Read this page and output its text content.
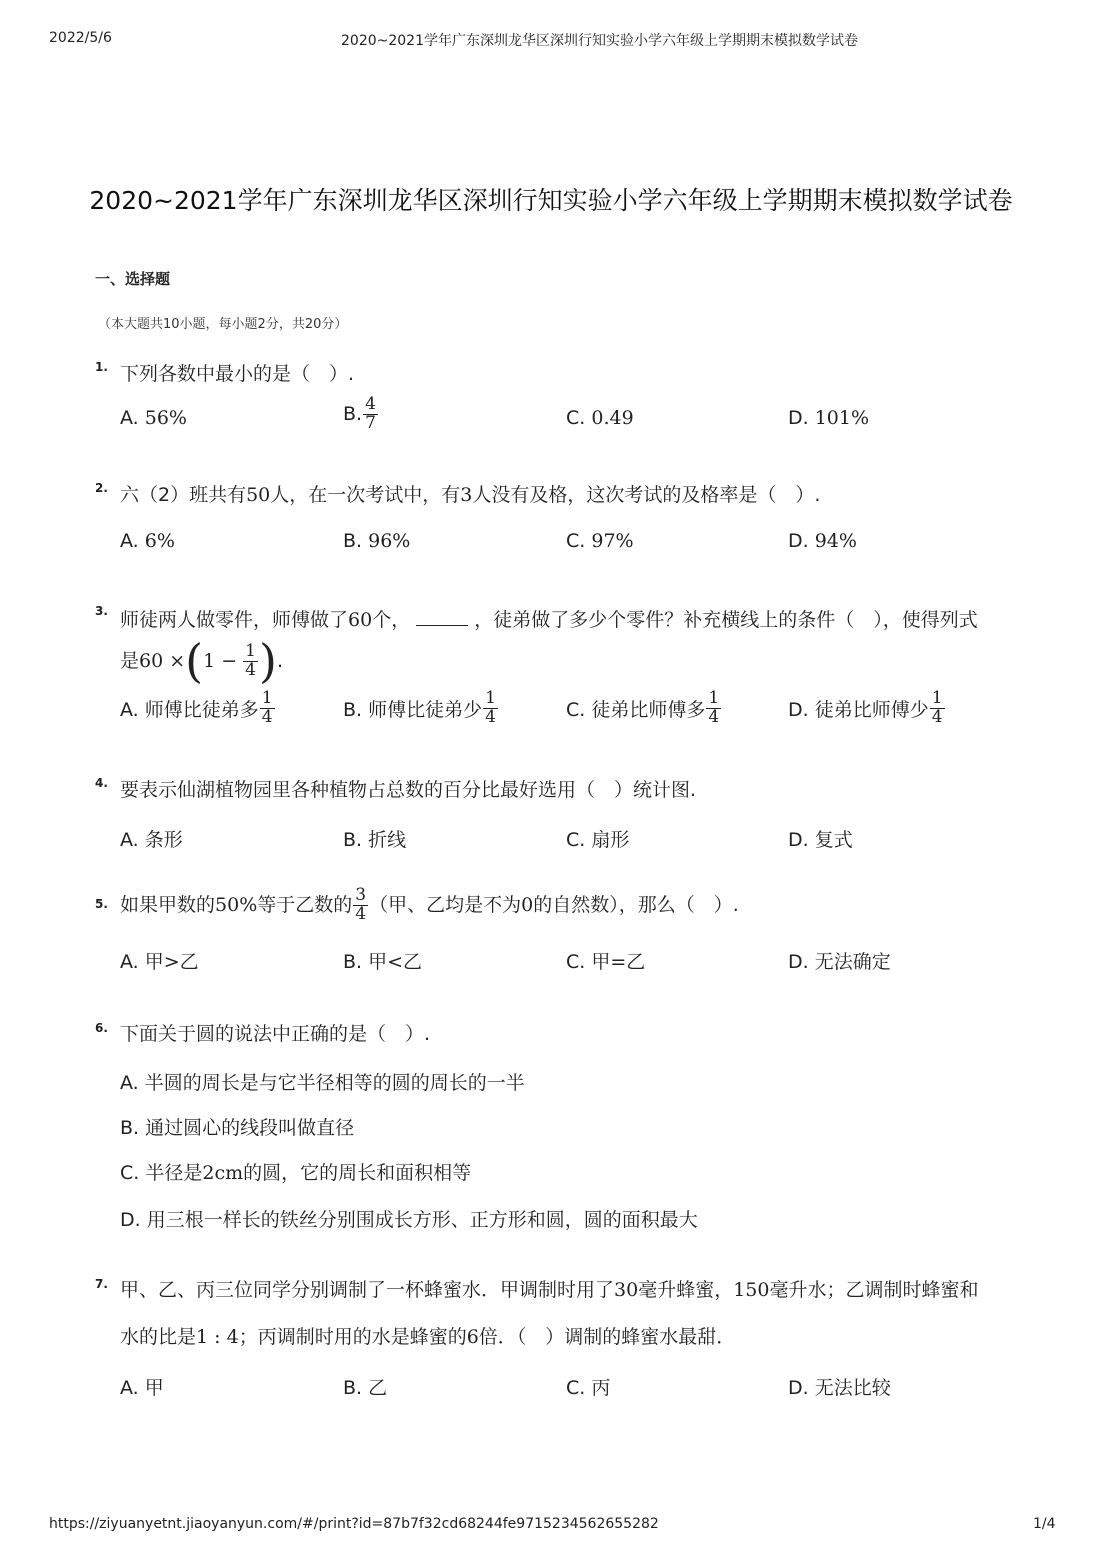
2022/5/6	2020~2021学年广东深圳龙华区深圳行知实验小学六年级上学期期末模拟数学试卷
2020~2021学年广东深圳龙华区深圳行知实验小学六年级上学期期末模拟数学试卷
一、选择题
（本大题共10小题，每小题2分，共20分）
1. 下列各数中最小的是（　）.
A. 56%	B. $\frac{4}{7}$	C. 0.49	D. 101%
2. 六（2）班共有50人，在一次考试中，有3人没有及格，这次考试的及格率是（　）.
A. 6%	B. 96%	C. 97%	D. 94%
3. 师徒两人做零件，师傅做了60个，	，徒弟做了多少个零件？补充横线上的条件（　），使得列式
是 60 × ( $1 - \frac{1}{4}$ ) .
A. 师傅比徒弟多 $\frac{1}{4}$	B. 师傅比徒弟少 $\frac{1}{4}$	C. 徒弟比师傅多 $\frac{1}{4}$	D. 徒弟比师傅少 $\frac{1}{4}$
4. 要表示仙湖植物园里各种植物占总数的百分比最好选用（　）统计图.
A. 条形	B. 折线	C. 扇形	D. 复式
5. 如果甲数的 50% 等于乙数的 $\frac{3}{4}$ （甲、乙均是不为 0 的自然数），那么（　）.
A. 甲>乙	B. 甲<乙	C. 甲=乙	D. 无法确定
6. 下面关于圆的说法中正确的是（　）.
A. 半圆的周长是与它半径相等的圆的周长的一半
B. 通过圆心的线段叫做直径
C. 半径是2cm的圆，它的周长和面积相等
D. 用三根一样长的铁丝分别围成长方形、正方形和圆，圆的面积最大
7. 甲、乙、丙三位同学分别调制了一杯蜂蜜水．甲调制时用了30毫升蜂蜜，150毫升水；乙调制时蜂蜜和
水的比是1 : 4；丙调制时用的水是蜂蜜的6倍．（　）调制的蜂蜜水最甜．
A. 甲	B. 乙	C. 丙	D. 无法比较
https://ziyuanyetnt.jiaoyanyun.com/#/print?id=87b7f32cd68244fe9715234562655282	1/4
